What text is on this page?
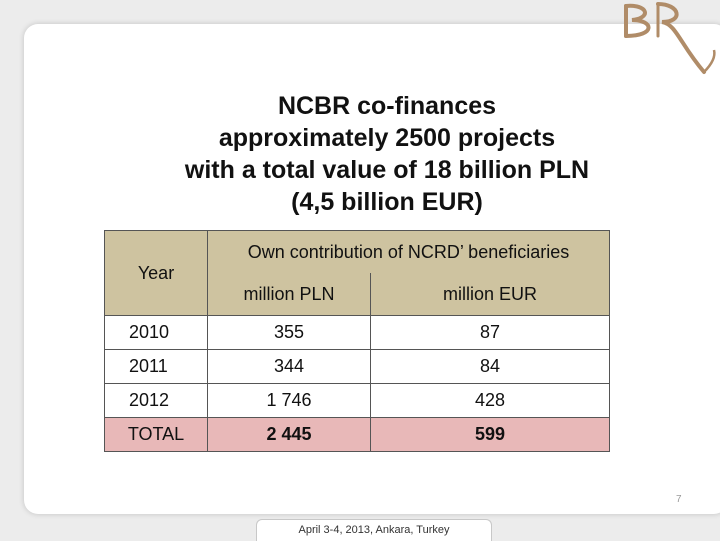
NCBR co-finances
approximately 2500 projects
with a total value of 18 billion PLN
(4,5 billion EUR)
Year	Own contribution of NCRD’ beneficiaries	
	million PLN	million EUR
2010	355	87
2011	344	84
2012	1 746	428
TOTAL	2 445	599
7
April 3-4, 2013, Ankara, Turkey
